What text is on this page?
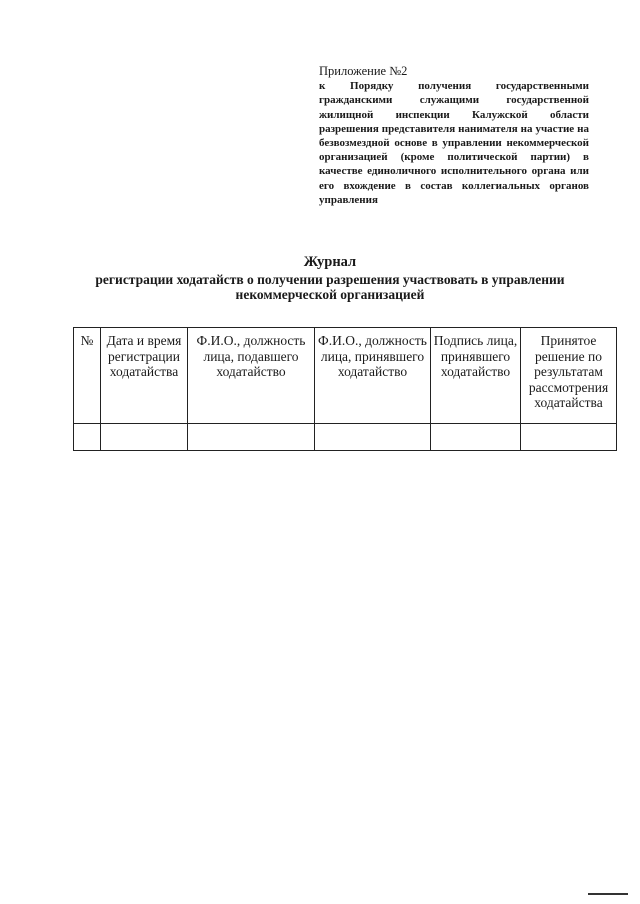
Приложение №2
к Порядку получения государственными гражданскими служащими государственной жилищной инспекции Калужской области разрешения представителя нанимателя на участие на безвозмездной основе в управлении некоммерческой организацией (кроме политической партии) в качестве единоличного исполнительного органа или его вхождение в состав коллегиальных органов управления
Журнал
регистрации ходатайств о получении разрешения участвовать в управлении
некоммерческой организацией
№	Дата и время регистрации ходатайства	Ф.И.О., должность лица, подавшего ходатайство	Ф.И.О., должность лица, принявшего ходатайство	Подпись лица, принявшего ходатайство	Принятое решение по результатам рассмотрения ходатайства
